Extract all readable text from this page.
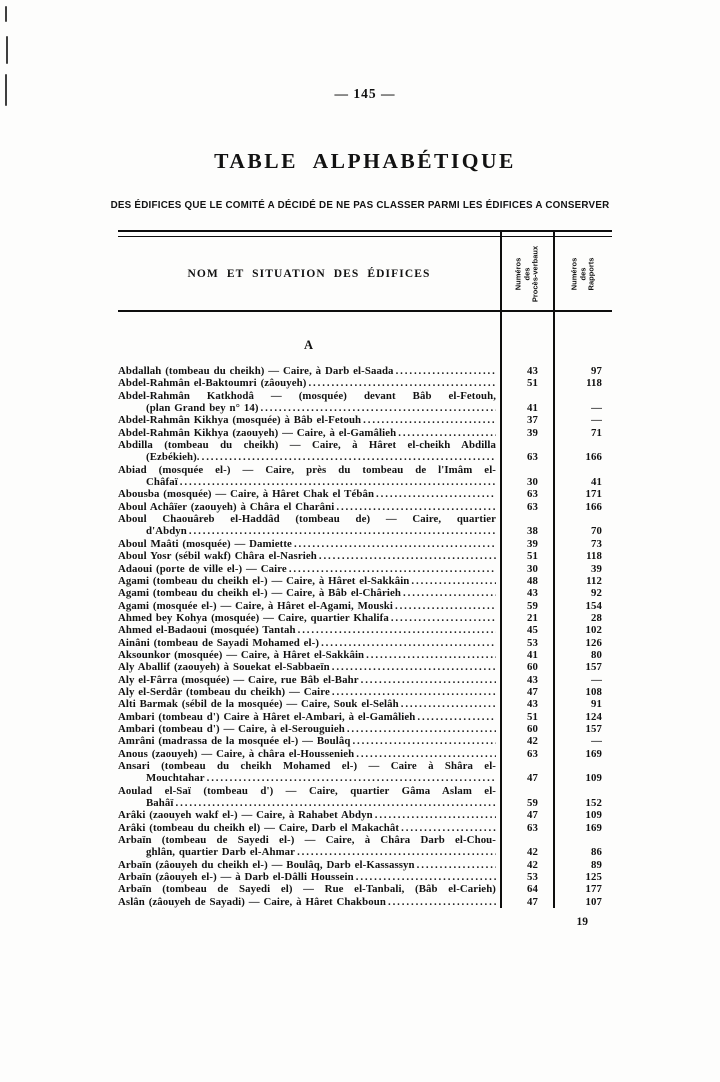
— 145 —
TABLE ALPHABÉTIQUE
DES ÉDIFICES QUE LE COMITÉ A DÉCIDÉ DE NE PAS CLASSER PARMI LES ÉDIFICES A CONSERVER
NOM ET SITUATION DES ÉDIFICES	Numéros des Procès-verbaux	Numéros des Rapports
A
Abdallah (tombeau du cheikh) — Caire, à Darb el-Saada .....	43	97
Abdel-Rahmân el-Baktoumri (zâouyeh) .....	51	118
Abdel-Rahmân Katkhodâ — (mosquée) devant Bâb el-Fetouh,
(plan Grand bey n° 14) .....	41	—
Abdel-Rahmân Kikhya (mosquée) à Bâb el-Fetouh .....	37	—
Abdel-Rahmân Kikhya (zaouyeh) — Caire, à el-Gamâlieh .....	39	71
Abdilla (tombeau du cheikh) — Caire, à Hâret el-cheikh Abdilla
(Ezbékieh). .....	63	166
Abiad (mosquée el-) — Caire, près du tombeau de l'Imâm el-
Châfaï .....	30	41
Abousba (mosquée) — Caire, à Hâret Chak el Tébân .....	63	171
Aboul Achâïer (zaouyeh) à Châra el Charâni .....	63	166
Aboul Chaouâreb el-Haddâd (tombeau de) — Caire, quartier
d'Abdyn .....	38	70
Aboul Maâti (mosquée) — Damiette .....	39	73
Aboul Yosr (sébil wakf) Châra el-Nasrieh .....	51	118
Adaoui (porte de ville el-) — Caire .....	30	39
Agami (tombeau du cheikh el-) — Caire, à Hâret el-Sakkâin .....	48	112
Agami (tombeau du cheikh el-) — Caire, à Bâb el-Chârieh .....	43	92
Agami (mosquée el-) — Caire, à Hâret el-Agami, Mouski .....	59	154
Ahmed bey Kohya (mosquée) — Caire, quartier Khalifa .....	21	28
Ahmed el-Badaoui (mosquée) Tantah .....	45	102
Ainâni (tombeau de Sayadi Mohamed el-) .....	53	126
Aksounkor (mosquée) — Caire, à Hâret el-Sakkâin .....	41	80
Aly Aballif (zaouyeh) à Souekat el-Sabbaeïn .....	60	157
Aly el-Fârra (mosquée) — Caire, rue Bâb el-Bahr .....	43	—
Aly el-Serdâr (tombeau du cheikh) — Caire .....	47	108
Alti Barmak (sébil de la mosquée) — Caire, Souk el-Selâh .....	43	91
Ambari (tombeau d') Caire à Hâret el-Ambari, à el-Gamâlieh .....	51	124
Ambari (tombeau d') — Caire, à el-Serouguieh .....	60	157
Amrâni (madrassa de la mosquée el-) — Boulâq .....	42	—
Anous (zaouyeh) — Caire, à châra el-Houssenieh .....	63	169
Ansari (tombeau du cheikh Mohamed el-) — Caire à Shâra el-
Mouchtahar .....	47	109
Aoulad el-Saï (tombeau d') — Caire, quartier Gâma Aslam el-
Bahâï .....	59	152
Arâki (zaouyeh wakf el-) — Caire, à Rahabet Abdyn .....	47	109
Arâki (tombeau du cheikh el) — Caire, Darb el Makachât .....	63	169
Arbaïn (tombeau de Sayedi el-) — Caire, à Châra Darb el-Chou-
ghlân, quartier Darb el-Ahmar .....	42	86
Arbaïn (zâouyeh du cheikh el-) — Boulâq, Darb el-Kassassyn .....	42	89
Arbaïn (zâouyeh el-) — à Darb el-Dâlli Houssein .....	53	125
Arbaïn (tombeau de Sayedi el) — Rue el-Tanbali, (Bâb el-Carieh)	64	177
Aslân (zâouyeh de Sayadi) — Caire, à Hâret Chakboun .....	47	107
19
